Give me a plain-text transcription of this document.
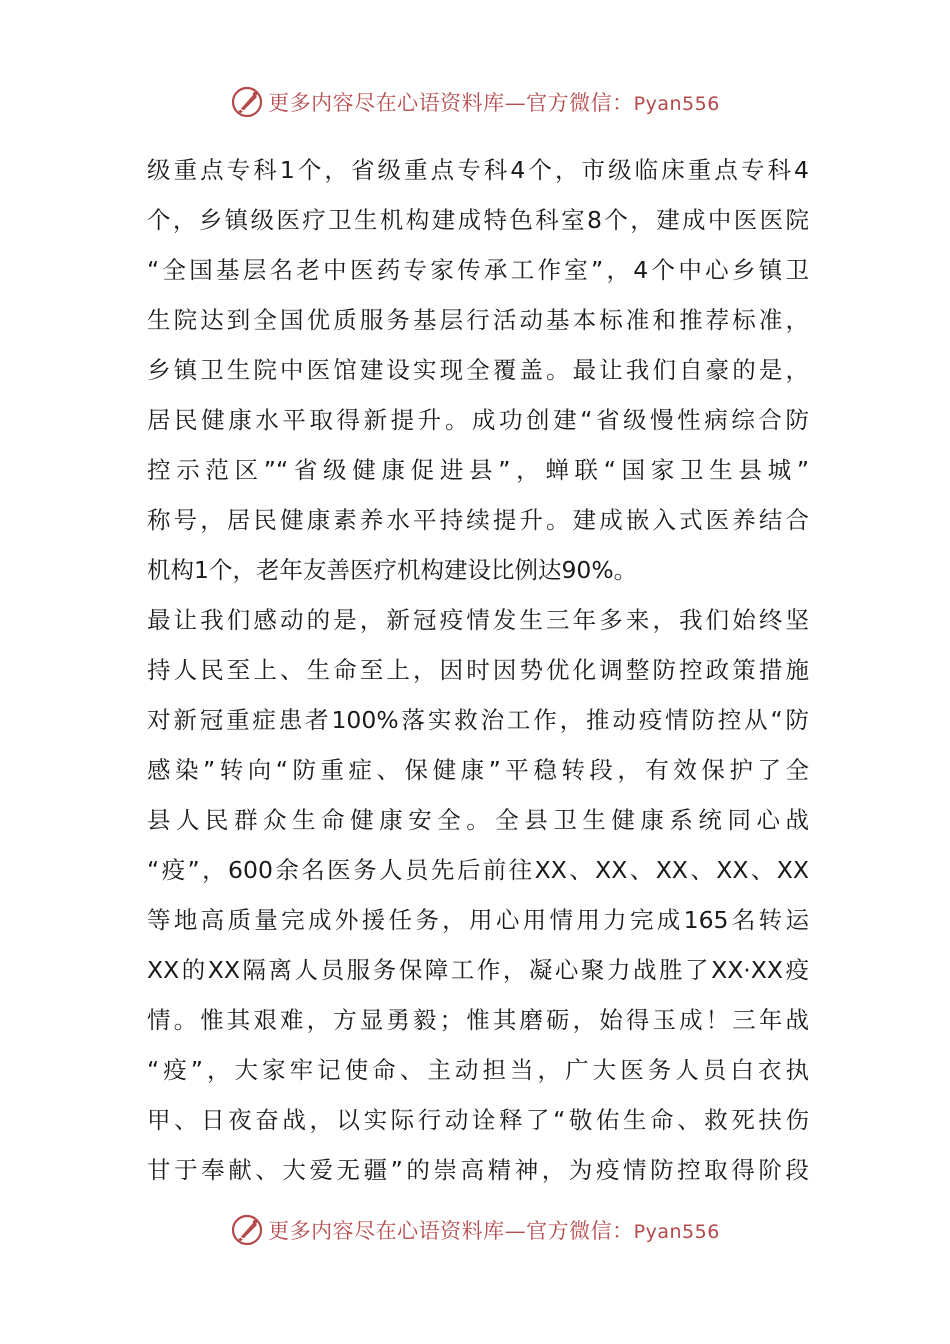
更多内容尽在心语资料库—官方微信：Pyan556
级重点专科1个，省级重点专科4个，市级临床重点专科4
个，乡镇级医疗卫生机构建成特色科室8个，建成中医医院
“全国基层名老中医药专家传承工作室”，4个中心乡镇卫
生院达到全国优质服务基层行活动基本标准和推荐标准，
乡镇卫生院中医馆建设实现全覆盖。最让我们自豪的是，
居民健康水平取得新提升。成功创建“省级慢性病综合防
控示范区”“省级健康促进县”，蝉联“国家卫生县城”
称号，居民健康素养水平持续提升。建成嵌入式医养结合
机构1个，老年友善医疗机构建设比例达90%。
最让我们感动的是，新冠疫情发生三年多来，我们始终坚
持人民至上、生命至上，因时因势优化调整防控政策措施
对新冠重症患者100%落实救治工作，推动疫情防控从“防
感染”转向“防重症、保健康”平稳转段，有效保护了全
县人民群众生命健康安全。全县卫生健康系统同心战
“疫”，600余名医务人员先后前往XX、XX、XX、XX、XX
等地高质量完成外援任务，用心用情用力完成165名转运
XX的XX隔离人员服务保障工作，凝心聚力战胜了XX·XX疫
情。惟其艰难，方显勇毅；惟其磨砺，始得玉成！三年战
“疫”，大家牢记使命、主动担当，广大医务人员白衣执
甲、日夜奋战，以实际行动诠释了“敬佑生命、救死扶伤
甘于奉献、大爱无疆”的崇高精神，为疫情防控取得阶段
更多内容尽在心语资料库—官方微信：Pyan556
